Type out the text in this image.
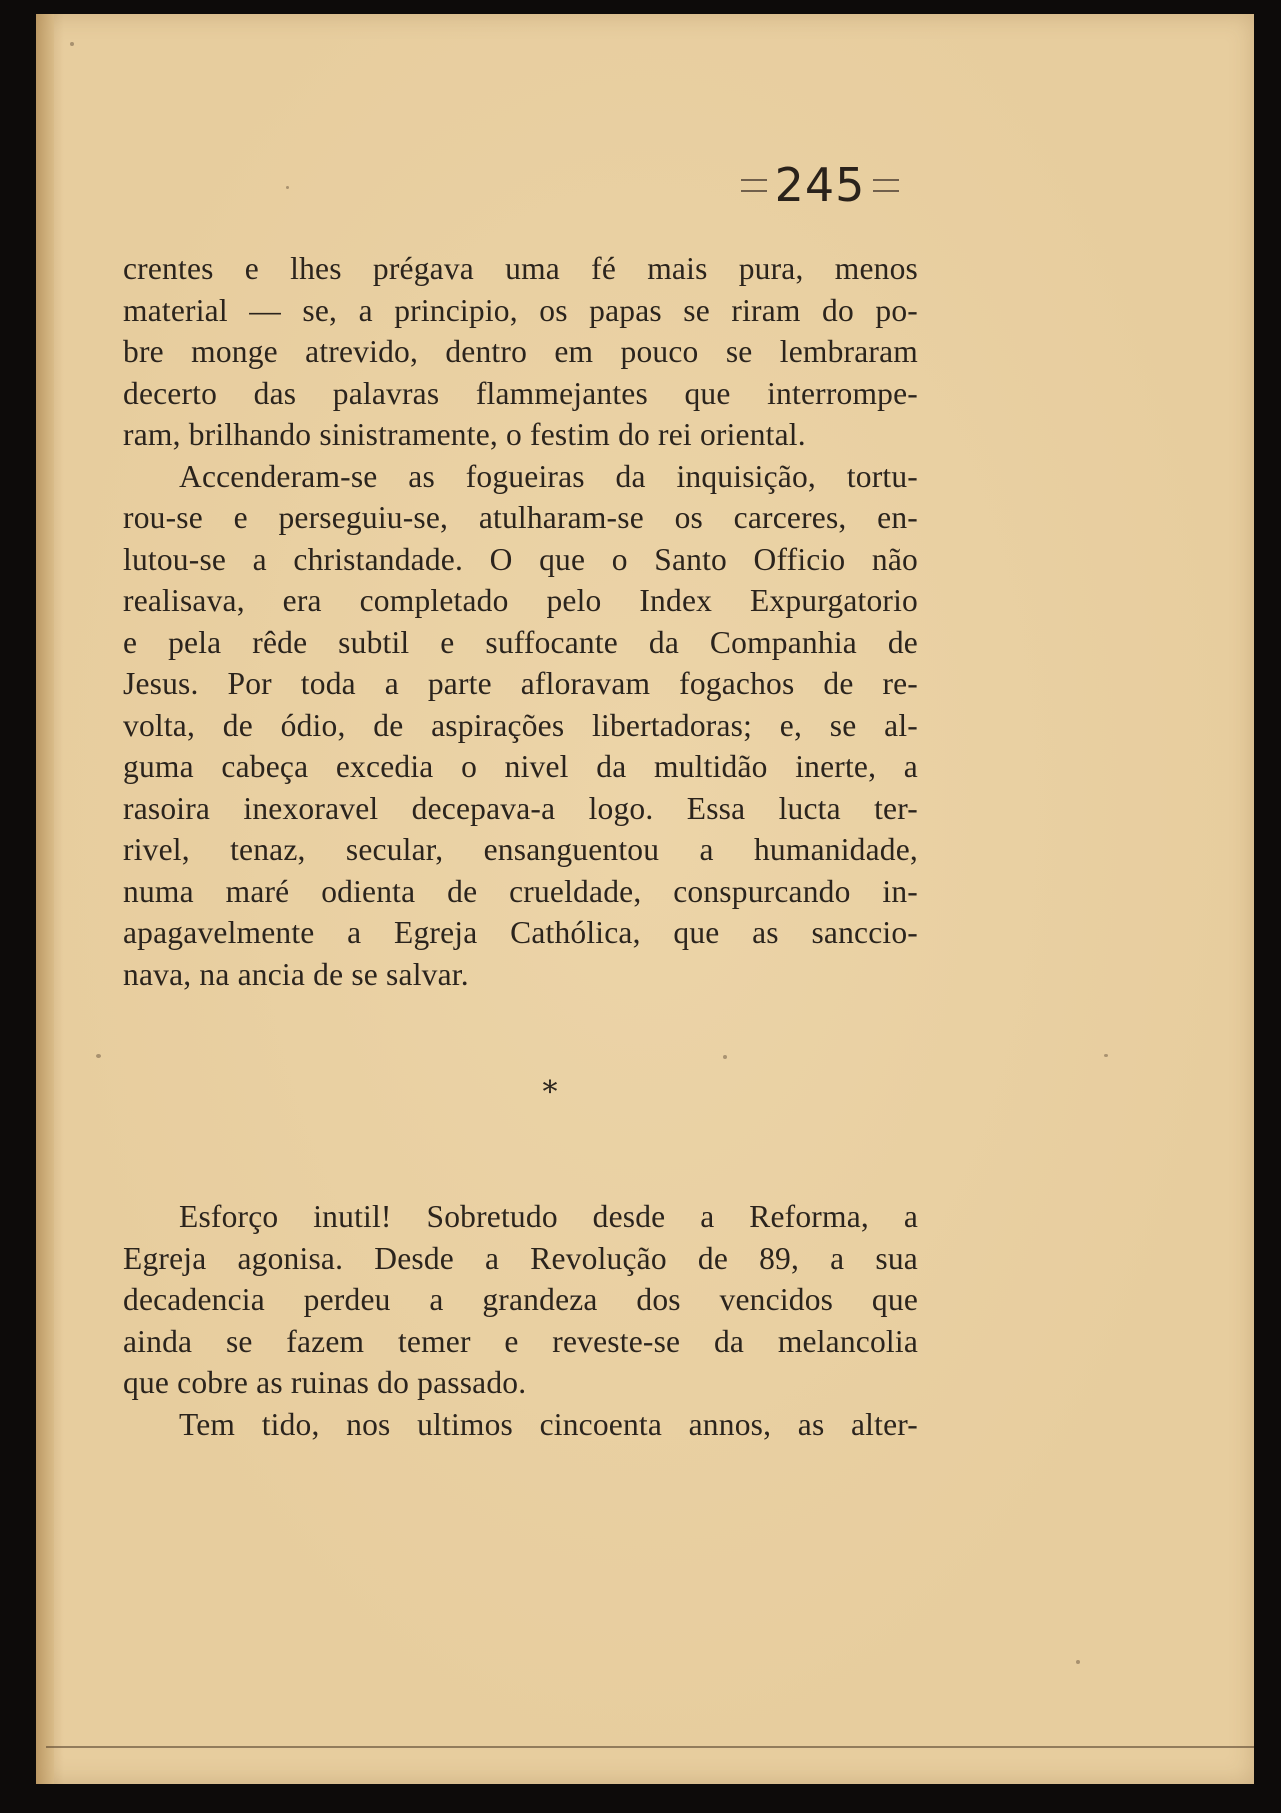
245
crentes e lhes prégava uma fé mais pura, menos
material — se, a principio, os papas se riram do po-
bre monge atrevido, dentro em pouco se lembraram
decerto das palavras flammejantes que interrompe-
ram, brilhando sinistramente, o festim do rei oriental.
Accenderam-se as fogueiras da inquisição, tortu-
rou-se e perseguiu-se, atulharam-se os carceres, en-
lutou-se a christandade. O que o Santo Officio não
realisava, era completado pelo Index Expurgatorio
e pela rêde subtil e suffocante da Companhia de
Jesus. Por toda a parte afloravam fogachos de re-
volta, de ódio, de aspirações libertadoras; e, se al-
guma cabeça excedia o nivel da multidão inerte, a
rasoira inexoravel decepava-a logo. Essa lucta ter-
rivel, tenaz, secular, ensanguentou a humanidade,
numa maré odienta de crueldade, conspurcando in-
apagavelmente a Egreja Cathólica, que as sanccio-
nava, na ancia de se salvar.
*
Esforço inutil! Sobretudo desde a Reforma, a
Egreja agonisa. Desde a Revolução de 89, a sua
decadencia perdeu a grandeza dos vencidos que
ainda se fazem temer e reveste-se da melancolia
que cobre as ruinas do passado.
Tem tido, nos ultimos cincoenta annos, as alter-
